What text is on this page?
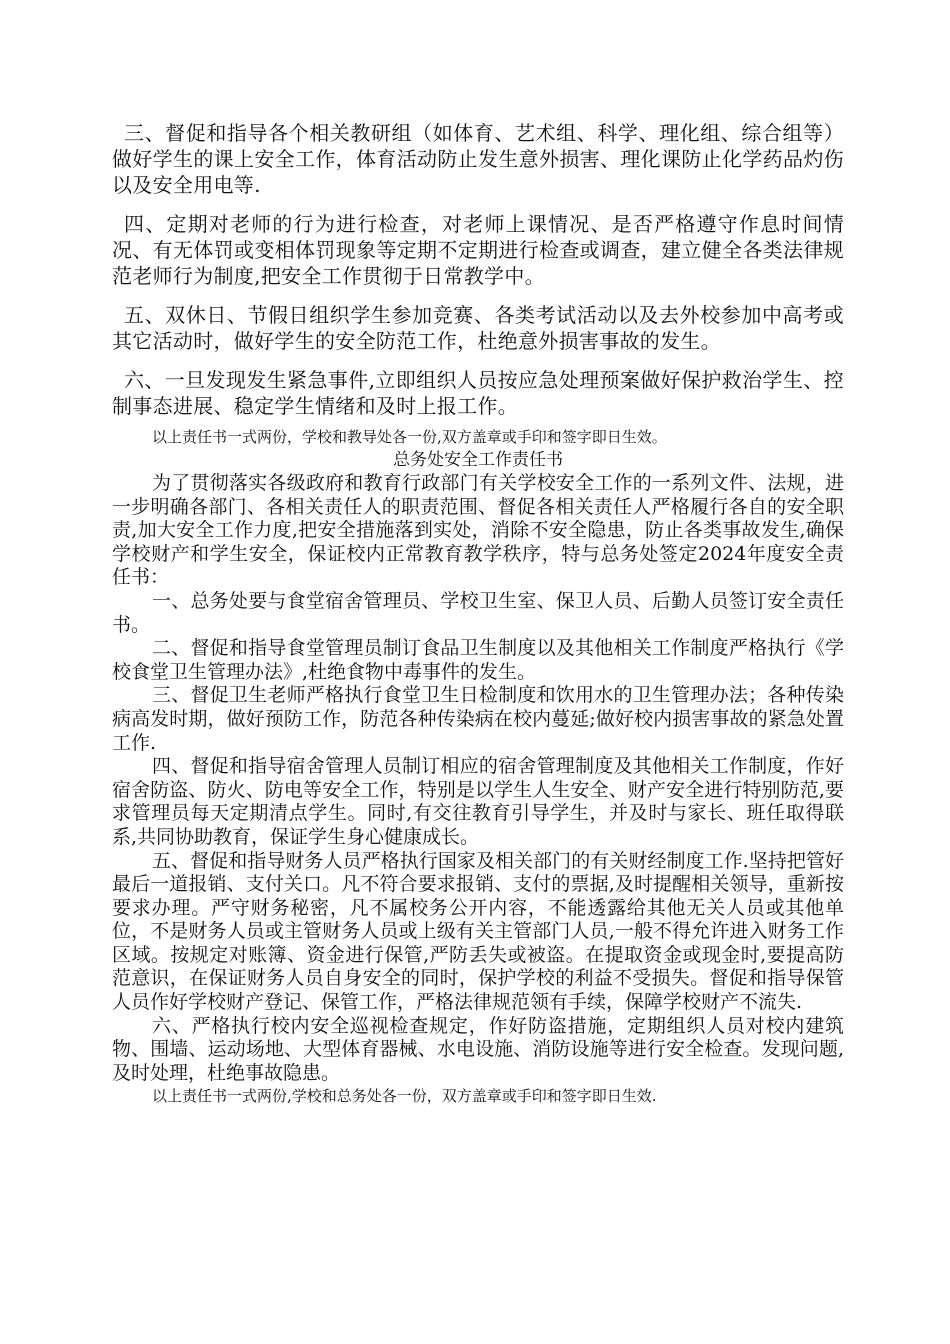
三、督促和指导各个相关教研组（如体育、艺术组、科学、理化组、综合组等）做好学生的课上安全工作，体育活动防止发生意外损害、理化课防止化学药品灼伤以及安全用电等.

四、定期对老师的行为进行检查，对老师上课情况、是否严格遵守作息时间情况、有无体罚或变相体罚现象等定期不定期进行检查或调查，建立健全各类法律规范老师行为制度,把安全工作贯彻于日常教学中。

五、双休日、节假日组织学生参加竞赛、各类考试活动以及去外校参加中高考或其它活动时，做好学生的安全防范工作，杜绝意外损害事故的发生。

六、一旦发现发生紧急事件,立即组织人员按应急处理预案做好保护救治学生、控制事态进展、稳定学生情绪和及时上报工作。

以上责任书一式两份，学校和教导处各一份,双方盖章或手印和签字即日生效。

总务处安全工作责任书

为了贯彻落实各级政府和教育行政部门有关学校安全工作的一系列文件、法规，进一步明确各部门、各相关责任人的职责范围、督促各相关责任人严格履行各自的安全职责,加大安全工作力度,把安全措施落到实处，消除不安全隐患，防止各类事故发生,确保学校财产和学生安全，保证校内正常教育教学秩序，特与总务处签定2024年度安全责任书：

一、总务处要与食堂宿舍管理员、学校卫生室、保卫人员、后勤人员签订安全责任书。

二、督促和指导食堂管理员制订食品卫生制度以及其他相关工作制度严格执行《学校食堂卫生管理办法》,杜绝食物中毒事件的发生。

三、督促卫生老师严格执行食堂卫生日检制度和饮用水的卫生管理办法；各种传染病高发时期，做好预防工作，防范各种传染病在校内蔓延;做好校内损害事故的紧急处置工作.

四、督促和指导宿舍管理人员制订相应的宿舍管理制度及其他相关工作制度，作好宿舍防盗、防火、防电等安全工作，特别是以学生人生安全、财产安全进行特别防范,要求管理员每天定期清点学生。同时,有交往教育引导学生，并及时与家长、班任取得联系,共同协助教育，保证学生身心健康成长。

五、督促和指导财务人员严格执行国家及相关部门的有关财经制度工作.坚持把管好最后一道报销、支付关口。凡不符合要求报销、支付的票据,及时提醒相关领导，重新按要求办理。严守财务秘密，凡不属校务公开内容，不能透露给其他无关人员或其他单位，不是财务人员或主管财务人员或上级有关主管部门人员,一般不得允许进入财务工作区域。按规定对账簿、资金进行保管,严防丢失或被盗。在提取资金或现金时,要提高防范意识，在保证财务人员自身安全的同时，保护学校的利益不受损失。督促和指导保管人员作好学校财产登记、保管工作，严格法律规范领有手续，保障学校财产不流失.

六、严格执行校内安全巡视检查规定，作好防盗措施，定期组织人员对校内建筑物、围墙、运动场地、大型体育器械、水电设施、消防设施等进行安全检查。发现问题,及时处理，杜绝事故隐患。

以上责任书一式两份,学校和总务处各一份，双方盖章或手印和签字即日生效.
